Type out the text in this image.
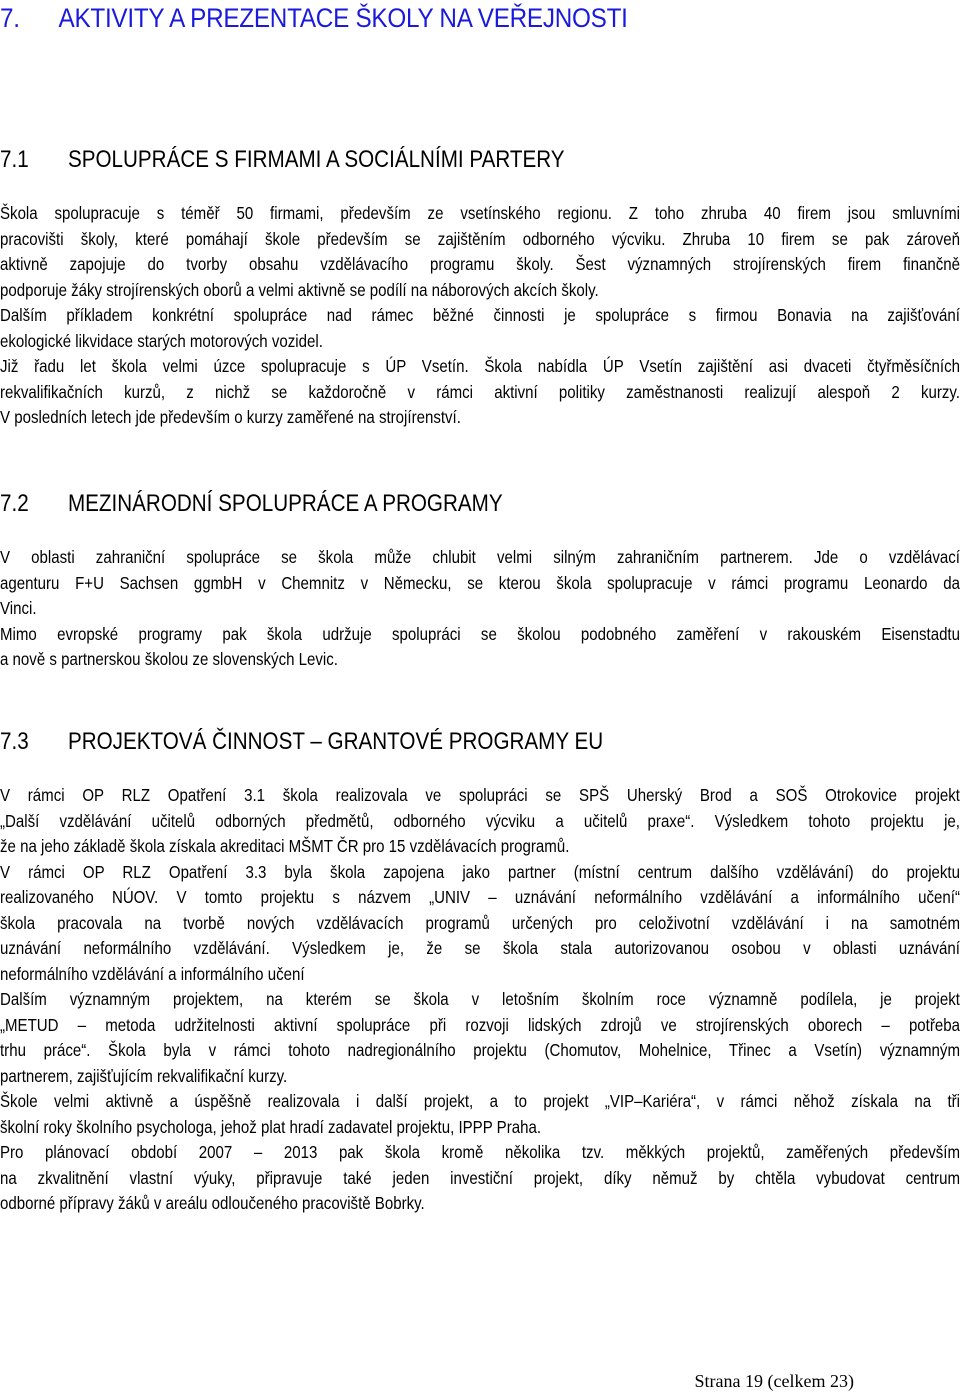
7. AKTIVITY A PREZENTACE ŠKOLY NA VEŘEJNOSTI
7.1 SPOLUPRÁCE S FIRMAMI A SOCIÁLNÍMI PARTERY
Škola spolupracuje s téměř 50 firmami, především ze vsetínského regionu. Z toho zhruba 40 firem jsou smluvními
pracovišti školy, které pomáhají škole především se zajištěním odborného výcviku. Zhruba 10 firem se pak zároveň
aktivně zapojuje do tvorby obsahu vzdělávacího programu školy. Šest významných strojírenských firem finančně
podporuje žáky strojírenských oborů a velmi aktivně se podílí na náborových akcích školy.
Dalším příkladem konkrétní spolupráce nad rámec běžné činnosti je spolupráce s firmou Bonavia na zajišťování
ekologické likvidace starých motorových vozidel.
Již řadu let škola velmi úzce spolupracuje s ÚP Vsetín. Škola nabídla ÚP Vsetín zajištění asi dvaceti čtyřměsíčních
rekvalifikačních kurzů, z nichž se každoročně v rámci aktivní politiky zaměstnanosti realizují alespoň 2 kurzy.
V posledních letech jde především o kurzy zaměřené na strojírenství.
7.2 MEZINÁRODNÍ SPOLUPRÁCE A PROGRAMY
V oblasti zahraniční spolupráce se škola může chlubit velmi silným zahraničním partnerem. Jde o vzdělávací
agenturu F+U Sachsen ggmbH v Chemnitz v Německu, se kterou škola spolupracuje v rámci programu Leonardo da
Vinci.
Mimo evropské programy pak škola udržuje spolupráci se školou podobného zaměření v rakouském Eisenstadtu
a nově s partnerskou školou ze slovenských Levic.
7.3 PROJEKTOVÁ ČINNOST – GRANTOVÉ PROGRAMY EU
V rámci OP RLZ Opatření 3.1 škola realizovala ve spolupráci se SPŠ Uherský Brod a SOŠ Otrokovice projekt
„Další vzdělávání učitelů odborných předmětů, odborného výcviku a učitelů praxe“. Výsledkem tohoto projektu je,
že na jeho základě škola získala akreditaci MŠMT ČR pro 15 vzdělávacích programů.
V rámci OP RLZ Opatření 3.3 byla škola zapojena jako partner (místní centrum dalšího vzdělávání) do projektu
realizovaného NÚOV. V tomto projektu s názvem „UNIV – uznávání neformálního vzdělávání a informálního učení“
škola pracovala na tvorbě nových vzdělávacích programů určených pro celoživotní vzdělávání i na samotném
uznávání neformálního vzdělávání. Výsledkem je, že se škola stala autorizovanou osobou v oblasti uznávání
neformálního vzdělávání a informálního učení
Dalším významným projektem, na kterém se škola v letošním školním roce významně podílela, je projekt
„METUD – metoda udržitelnosti aktivní spolupráce při rozvoji lidských zdrojů ve strojírenských oborech – potřeba
trhu práce“. Škola byla v rámci tohoto nadregionálního projektu (Chomutov, Mohelnice, Třinec a Vsetín) významným
partnerem, zajišťujícím rekvalifikační kurzy.
Škole velmi aktivně a úspěšně realizovala i další projekt, a to projekt „VIP–Kariéra“, v rámci něhož získala na tři
školní roky školního psychologa, jehož plat hradí zadavatel projektu, IPPP Praha.
Pro plánovací období 2007 – 2013 pak škola kromě několika tzv. měkkých projektů, zaměřených především
na zkvalitnění vlastní výuky, připravuje také jeden investiční projekt, díky němuž by chtěla vybudovat centrum
odborné přípravy žáků v areálu odloučeného pracoviště Bobrky.
Strana 19 (celkem 23)
